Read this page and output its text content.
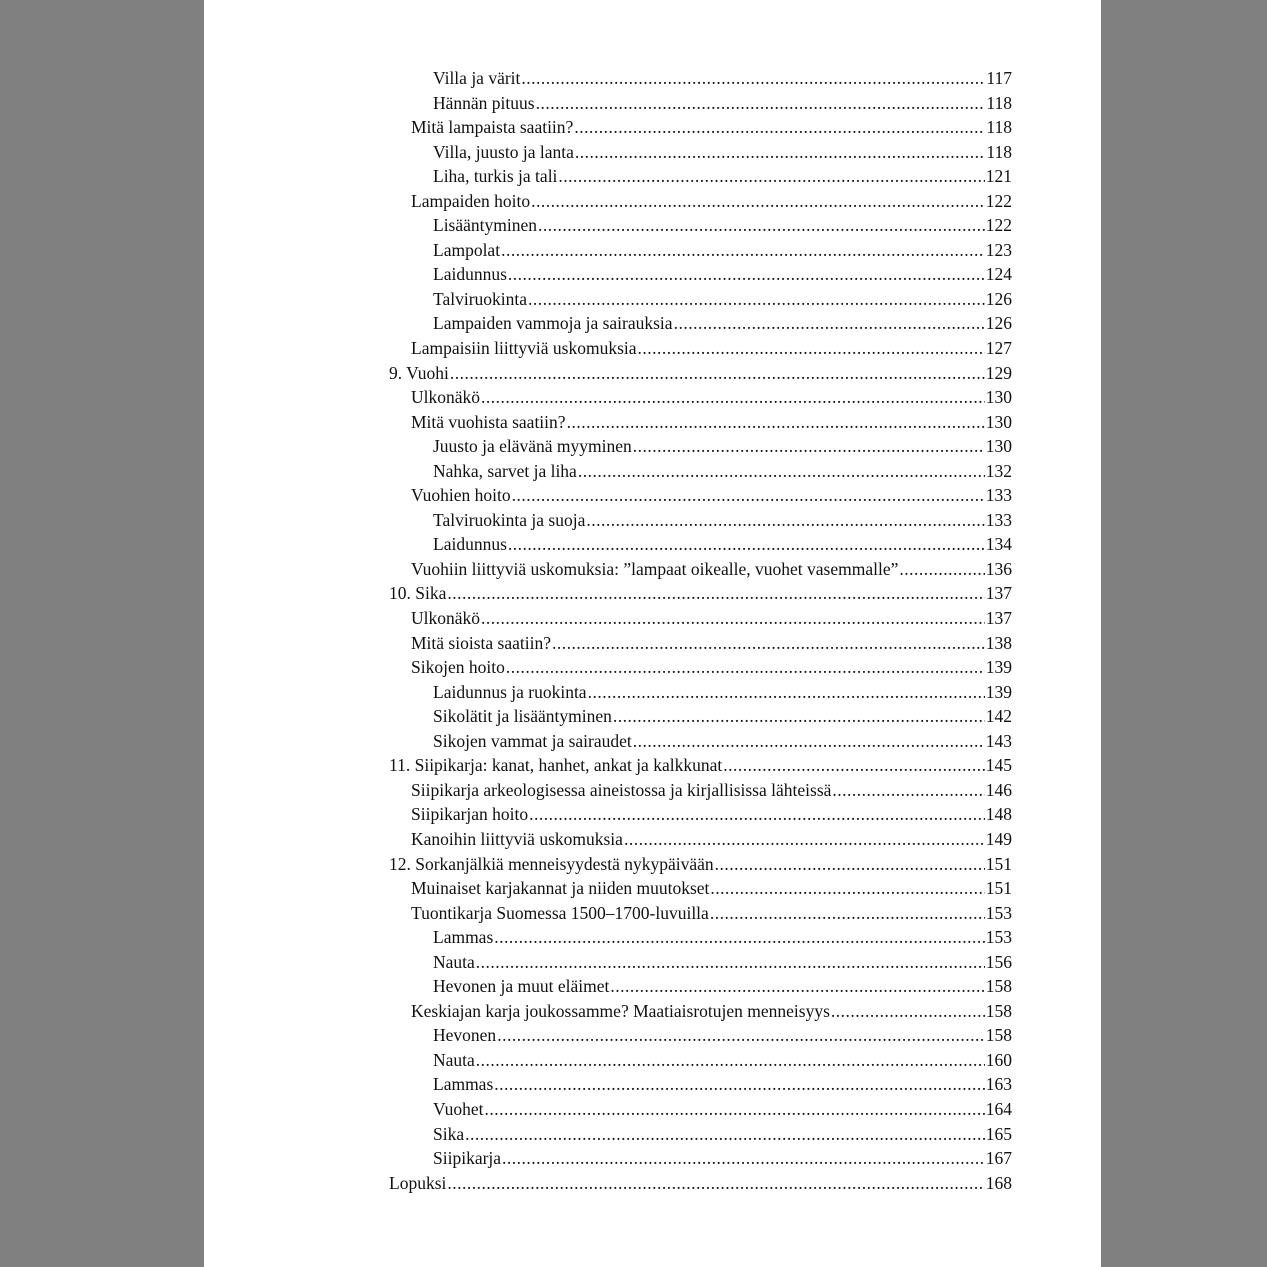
Villa ja värit .....	117
Hännän pituus .....	118
Mitä lampaista saatiin? .....	118
Villa, juusto ja lanta .....	118
Liha, turkis ja tali .....	121
Lampaiden hoito .....	122
Lisääntyminen .....	122
Lampolat .....	123
Laidunnus .....	124
Talviruokinta .....	126
Lampaiden vammoja ja sairauksia .....	126
Lampaisiin liittyviä uskomuksia .....	127
9. Vuohi .....	129
Ulkonäkö .....	130
Mitä vuohista saatiin? .....	130
Juusto ja elävänä myyminen .....	130
Nahka, sarvet ja liha .....	132
Vuohien hoito .....	133
Talviruokinta ja suoja .....	133
Laidunnus .....	134
Vuohiin liittyviä uskomuksia: ”lampaat oikealle, vuohet vasemmalle” .....	136
10. Sika .....	137
Ulkonäkö .....	137
Mitä sioista saatiin? .....	138
Sikojen hoito .....	139
Laidunnus ja ruokinta .....	139
Sikolätit ja lisääntyminen .....	142
Sikojen vammat ja sairaudet .....	143
11. Siipikarja: kanat, hanhet, ankat ja kalkkunat .....	145
Siipikarja arkeologisessa aineistossa ja kirjallisissa lähteissä .....	146
Siipikarjan hoito .....	148
Kanoihin liittyviä uskomuksia .....	149
12. Sorkanjälkiä menneisyydestä nykypäivään .....	151
Muinaiset karjakannat ja niiden muutokset .....	151
Tuontikarja Suomessa 1500–1700-luvuilla .....	153
Lammas .....	153
Nauta .....	156
Hevonen ja muut eläimet .....	158
Keskiajan karja joukossamme? Maatiaisrotujen menneisyys .....	158
Hevonen .....	158
Nauta .....	160
Lammas .....	163
Vuohet .....	164
Sika .....	165
Siipikarja .....	167
Lopuksi .....	168
